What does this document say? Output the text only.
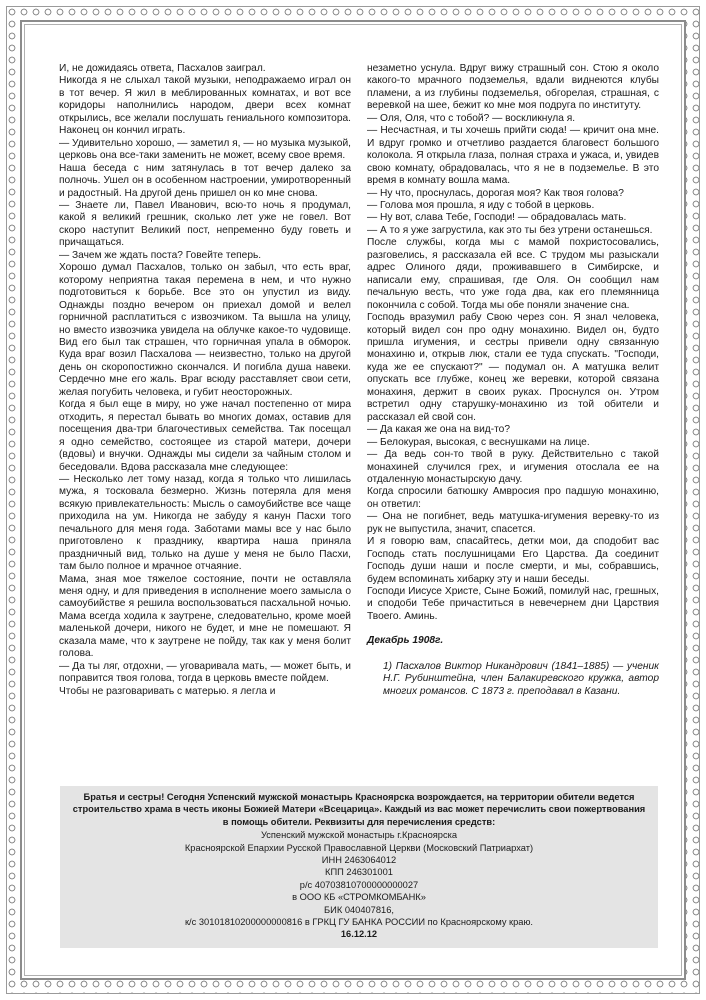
И, не дожидаясь ответа, Пасхалов заиграл.

Никогда я не слыхал такой музыки, неподражаемо играл он в тот вечер. Я жил в меблированных комнатах, и вот все коридоры наполнились народом, двери всех комнат открылись, все желали послушать гениального композитора. Наконец он кончил играть.

— Удивительно хорошо, — заметил я, — но музыка музыкой, церковь она все-таки заменить не может, всему свое время.

Наша беседа с ним затянулась в тот вечер далеко за полночь. Ушел он в особенном настроении, умиротворенный и радостный. На другой день пришел он ко мне снова.

— Знаете ли, Павел Иванович, всю-то ночь я продумал, какой я великий грешник, сколько лет уже не говел. Вот скоро наступит Великий пост, непременно буду говеть и причащаться.

— Зачем же ждать поста? Говейте теперь.

Хорошо думал Пасхалов, только он забыл, что есть враг, которому неприятна такая перемена в нем, и что нужно подготовиться к борьбе. Все это он упустил из виду. Однажды поздно вечером он приехал домой и велел горничной расплатиться с извозчиком. Та вышла на улицу, но вместо извозчика увидела на облучке какое-то чудовище. Вид его был так страшен, что горничная упала в обморок. Куда враг возил Пасхалова — неизвестно, только на другой день он скоропостижно скончался. И погибла душа навеки. Сердечно мне его жаль. Враг всюду расставляет свои сети, желая погубить человека, и губит неосторожных.

Когда я был еще в миру, но уже начал постепенно от мира отходить, я перестал бывать во многих домах, оставив для посещения два-три благочестивых семейства. Так посещал я одно семейство, состоящее из старой матери, дочери (вдовы) и внучки. Однажды мы сидели за чайным столом и беседовали. Вдова рассказала мне следующее:

— Несколько лет тому назад, когда я только что лишилась мужа, я тосковала безмерно. Жизнь потеряла для меня всякую привлекательность: Мысль о самоубийстве все чаще приходила на ум. Никогда не забуду я канун Пасхи того печального для меня года. Заботами мамы все у нас было приготовлено к празднику, квартира наша приняла праздничный вид, только на душе у меня не было Пасхи, там было полное и мрачное отчаяние.

Мама, зная мое тяжелое состояние, почти не оставляла меня одну, и для приведения в исполнение моего замысла о самоубийстве я решила воспользоваться пасхальной ночью. Мама всегда ходила к заутрене, следовательно, кроме моей маленькой дочери, никого не будет, и мне не помешают. Я сказала маме, что к заутрене не пойду, так как у меня болит голова.

— Да ты ляг, отдохни, — уговаривала мать, — может быть, и поправится твоя голова, тогда в церковь вместе пойдем.

Чтобы не разговаривать с матерью. я легла и

незаметно уснула. Вдруг вижу страшный сон. Стою я около какого-то мрачного подземелья, вдали виднеются клубы пламени, а из глубины подземелья, обгорелая, страшная, с веревкой на шее, бежит ко мне моя подруга по институту.

— Оля, Оля, что с тобой? — воскликнула я.

— Несчастная, и ты хочешь прийти сюда! — кричит она мне. И вдруг громко и отчетливо раздается благовест большого колокола. Я открыла глаза, полная страха и ужаса, и, увидев свою комнату, обрадовалась, что я не в подземелье. В это время в комнату вошла мама.

— Ну что, проснулась, дорогая моя? Как твоя голова?

— Голова моя прошла, я иду с тобой в церковь.

— Ну вот, слава Тебе, Господи! — обрадовалась мать.

— А то я уже загрустила, как это ты без утрени останешься.

После службы, когда мы с мамой похристосовались, разговелись, я рассказала ей все. С трудом мы разыскали адрес Олиного дяди, проживавшего в Симбирске, и написали ему, спрашивая, где Оля. Он сообщил нам печальную весть, что уже года два, как его племянница покончила с собой. Тогда мы обе поняли значение сна.

Господь вразумил рабу Свою через сон. Я знал человека, который видел сон про одну монахиню. Видел он, будто пришла игумения, и сестры привели одну связанную монахиню и, открыв люк, стали ее туда спускать. "Господи, куда же ее спускают?" — подумал он. А матушка велит опускать все глубже, конец же веревки, которой связана монахиня, держит в своих руках. Проснулся он. Утром встретил одну старушку-монахиню из той обители и рассказал ей свой сон.

— Да какая же она на вид-то?

— Белокурая, высокая, с веснушками на лице.

— Да ведь сон-то твой в руку. Действительно с такой монахиней случился грех, и игумения отослала ее на отдаленную монастырскую дачу.

Когда спросили батюшку Амвросия про падшую монахиню, он ответил:

— Она не погибнет, ведь матушка-игумения веревку-то из рук не выпустила, значит, спасется.

И я говорю вам, спасайтесь, детки мои, да сподобит вас Господь стать послушницами Его Царства. Да соединит Господь души наши и после смерти, и мы, собравшись, будем вспоминать хибарку эту и наши беседы.

Господи Иисусе Христе, Сыне Божий, помилуй нас, грешных, и сподоби Тебе причаститься в невечернем дни Царствия Твоего. Аминь.

Декабрь 1908г.

1) Пасхалов Виктор Никандрович (1841–1885) — ученик Н.Г. Рубинштейна, член Балакиревского кружка, автор многих романсов. С 1873 г. преподавал в Казани.

Братья и сестры! Сегодня Успенский мужской монастырь Красноярска возрождается, на территории обители ведется строительство храма в честь иконы Божией Матери «Всецарица». Каждый из вас может перечислить свои пожертвования в помощь обители. Реквизиты для перечисления средств:
Успенский мужской монастырь г.Красноярска
Красноярской Епархии Русской Православной Церкви (Московский Патриархат)
ИНН 2463064012
КПП 246301001
р/с 40703810700000000027
в ООО КБ «СТРОМКОМБАНК»
БИК 040407816,
к/с 30101810200000000816 в ГРКЦ ГУ БАНКА РОССИИ по Красноярскому краю.
16.12.12
